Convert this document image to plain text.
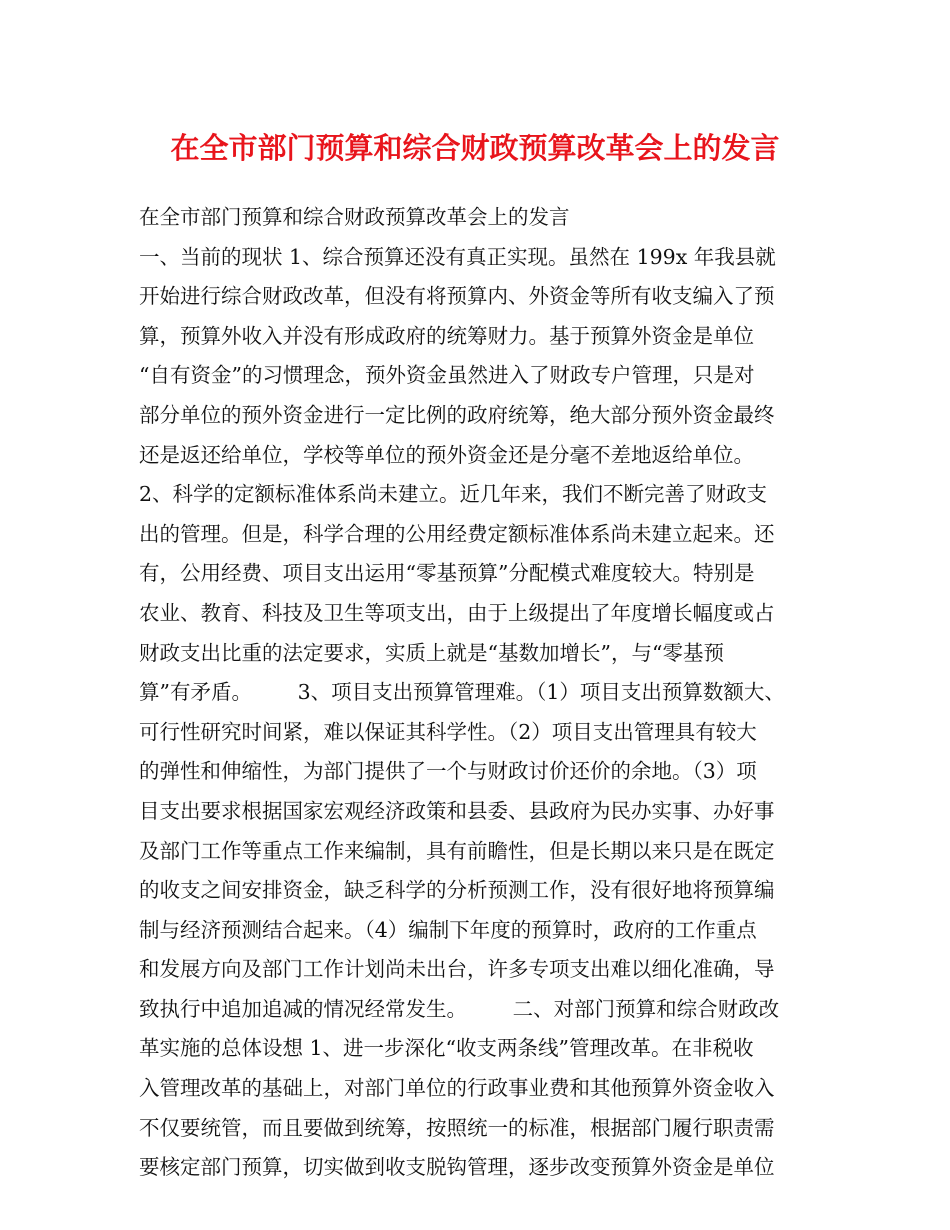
在全市部门预算和综合财政预算改革会上的发言
在全市部门预算和综合财政预算改革会上的发言
一、当前的现状 1、综合预算还没有真正实现。虽然在 199x 年我县就
开始进行综合财政改革，但没有将预算内、外资金等所有收支编入了预
算，预算外收入并没有形成政府的统筹财力。基于预算外资金是单位
“自有资金”的习惯理念，预外资金虽然进入了财政专户管理，只是对
部分单位的预外资金进行一定比例的政府统筹，绝大部分预外资金最终
还是返还给单位，学校等单位的预外资金还是分毫不差地返给单位。
2、科学的定额标准体系尚未建立。近几年来，我们不断完善了财政支
出的管理。但是，科学合理的公用经费定额标准体系尚未建立起来。还
有，公用经费、项目支出运用“零基预算”分配模式难度较大。特别是
农业、教育、科技及卫生等项支出，由于上级提出了年度增长幅度或占
财政支出比重的法定要求，实质上就是“基数加增长”，与“零基预
算”有矛盾。       3、项目支出预算管理难。（1）项目支出预算数额大、
可行性研究时间紧，难以保证其科学性。（2）项目支出管理具有较大
的弹性和伸缩性，为部门提供了一个与财政讨价还价的余地。（3）项
目支出要求根据国家宏观经济政策和县委、县政府为民办实事、办好事
及部门工作等重点工作来编制，具有前瞻性，但是长期以来只是在既定
的收支之间安排资金，缺乏科学的分析预测工作，没有很好地将预算编
制与经济预测结合起来。（4）编制下年度的预算时，政府的工作重点
和发展方向及部门工作计划尚未出台，许多专项支出难以细化准确，导
致执行中追加追减的情况经常发生。       二、对部门预算和综合财政改
革实施的总体设想 1、进一步深化“收支两条线”管理改革。在非税收
入管理改革的基础上，对部门单位的行政事业费和其他预算外资金收入
不仅要统管，而且要做到统筹，按照统一的标准，根据部门履行职责需
要核定部门预算，切实做到收支脱钩管理，逐步改变预算外资金是单位
